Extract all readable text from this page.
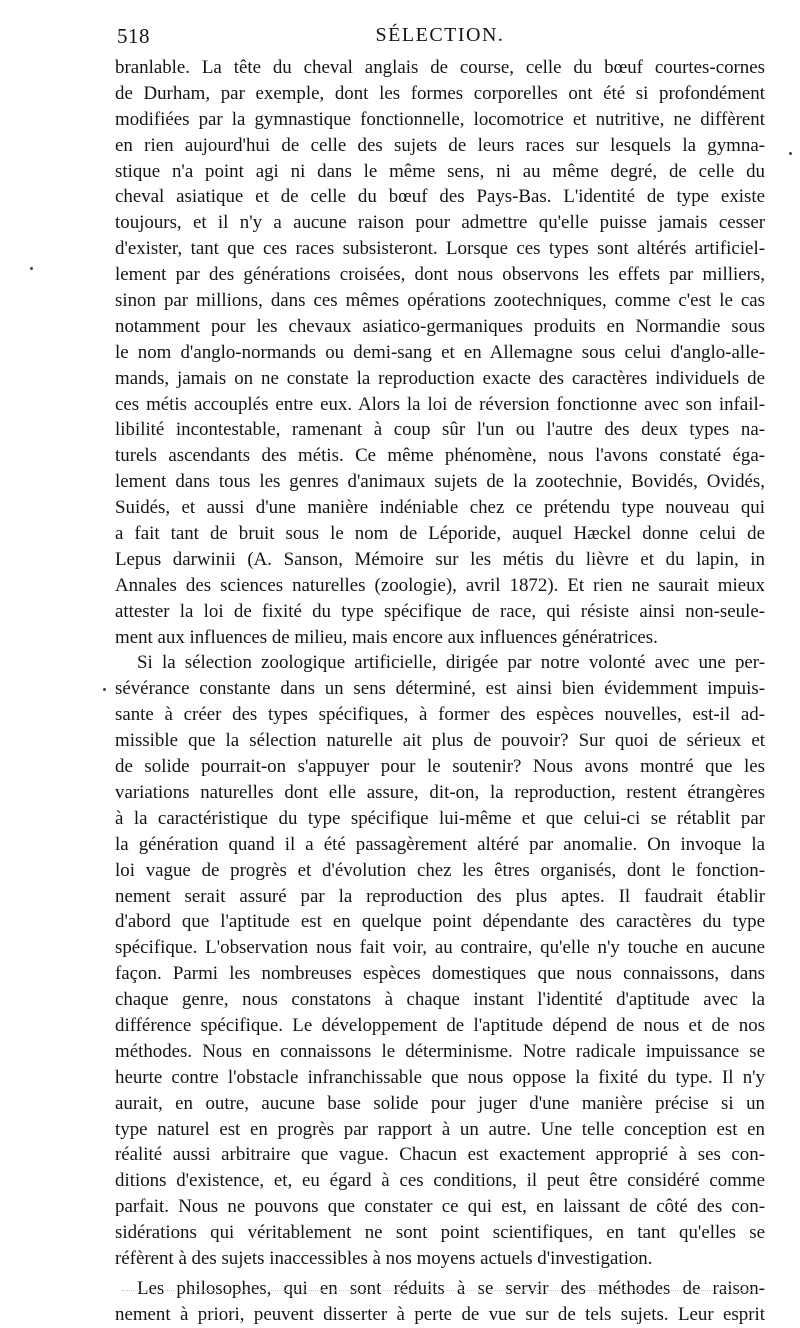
518	SÉLECTION.
branlable. La tête du cheval anglais de course, celle du bœuf courtes-cornes
de Durham, par exemple, dont les formes corporelles ont été si profondément
modifiées par la gymnastique fonctionnelle, locomotrice et nutritive, ne diffèrent
en rien aujourd'hui de celle des sujets de leurs races sur lesquels la gymna-
stique n'a point agi ni dans le même sens, ni au même degré, de celle du
cheval asiatique et de celle du bœuf des Pays-Bas. L'identité de type existe
toujours, et il n'y a aucune raison pour admettre qu'elle puisse jamais cesser
d'exister, tant que ces races subsisteront. Lorsque ces types sont altérés artificiel-
lement par des générations croisées, dont nous observons les effets par milliers,
sinon par millions, dans ces mêmes opérations zootechniques, comme c'est le cas
notamment pour les chevaux asiatico-germaniques produits en Normandie sous
le nom d'anglo-normands ou demi-sang et en Allemagne sous celui d'anglo-alle-
mands, jamais on ne constate la reproduction exacte des caractères individuels de
ces métis accouplés entre eux. Alors la loi de réversion fonctionne avec son infail-
libilité incontestable, ramenant à coup sûr l'un ou l'autre des deux types na-
turels ascendants des métis. Ce même phénomène, nous l'avons constaté éga-
lement dans tous les genres d'animaux sujets de la zootechnie, Bovidés, Ovidés,
Suidés, et aussi d'une manière indéniable chez ce prétendu type nouveau qui
a fait tant de bruit sous le nom de Léporide, auquel Hæckel donne celui de
Lepus darwinii (A. Sanson, Mémoire sur les métis du lièvre et du lapin, in
Annales des sciences naturelles (zoologie), avril 1872). Et rien ne saurait mieux
attester la loi de fixité du type spécifique de race, qui résiste ainsi non-seule-
ment aux influences de milieu, mais encore aux influences génératrices.
Si la sélection zoologique artificielle, dirigée par notre volonté avec une per-
sévérance constante dans un sens déterminé, est ainsi bien évidemment impuis-
sante à créer des types spécifiques, à former des espèces nouvelles, est-il ad-
missible que la sélection naturelle ait plus de pouvoir? Sur quoi de sérieux et
de solide pourrait-on s'appuyer pour le soutenir? Nous avons montré que les
variations naturelles dont elle assure, dit-on, la reproduction, restent étrangères
à la caractéristique du type spécifique lui-même et que celui-ci se rétablit par
la génération quand il a été passagèrement altéré par anomalie. On invoque la
loi vague de progrès et d'évolution chez les êtres organisés, dont le fonction-
nement serait assuré par la reproduction des plus aptes. Il faudrait établir
d'abord que l'aptitude est en quelque point dépendante des caractères du type
spécifique. L'observation nous fait voir, au contraire, qu'elle n'y touche en aucune
façon. Parmi les nombreuses espèces domestiques que nous connaissons, dans
chaque genre, nous constatons à chaque instant l'identité d'aptitude avec la
différence spécifique. Le développement de l'aptitude dépend de nous et de nos
méthodes. Nous en connaissons le déterminisme. Notre radicale impuissance se
heurte contre l'obstacle infranchissable que nous oppose la fixité du type. Il n'y
aurait, en outre, aucune base solide pour juger d'une manière précise si un
type naturel est en progrès par rapport à un autre. Une telle conception est en
réalité aussi arbitraire que vague. Chacun est exactement approprié à ses con-
ditions d'existence, et, eu égard à ces conditions, il peut être considéré comme
parfait. Nous ne pouvons que constater ce qui est, en laissant de côté des con-
sidérations qui véritablement ne sont point scientifiques, en tant qu'elles se
réfèrent à des sujets inaccessibles à nos moyens actuels d'investigation.
Les philosophes, qui en sont réduits à se servir des méthodes de raison-
nement à priori, peuvent disserter à perte de vue sur de tels sujets. Leur esprit
